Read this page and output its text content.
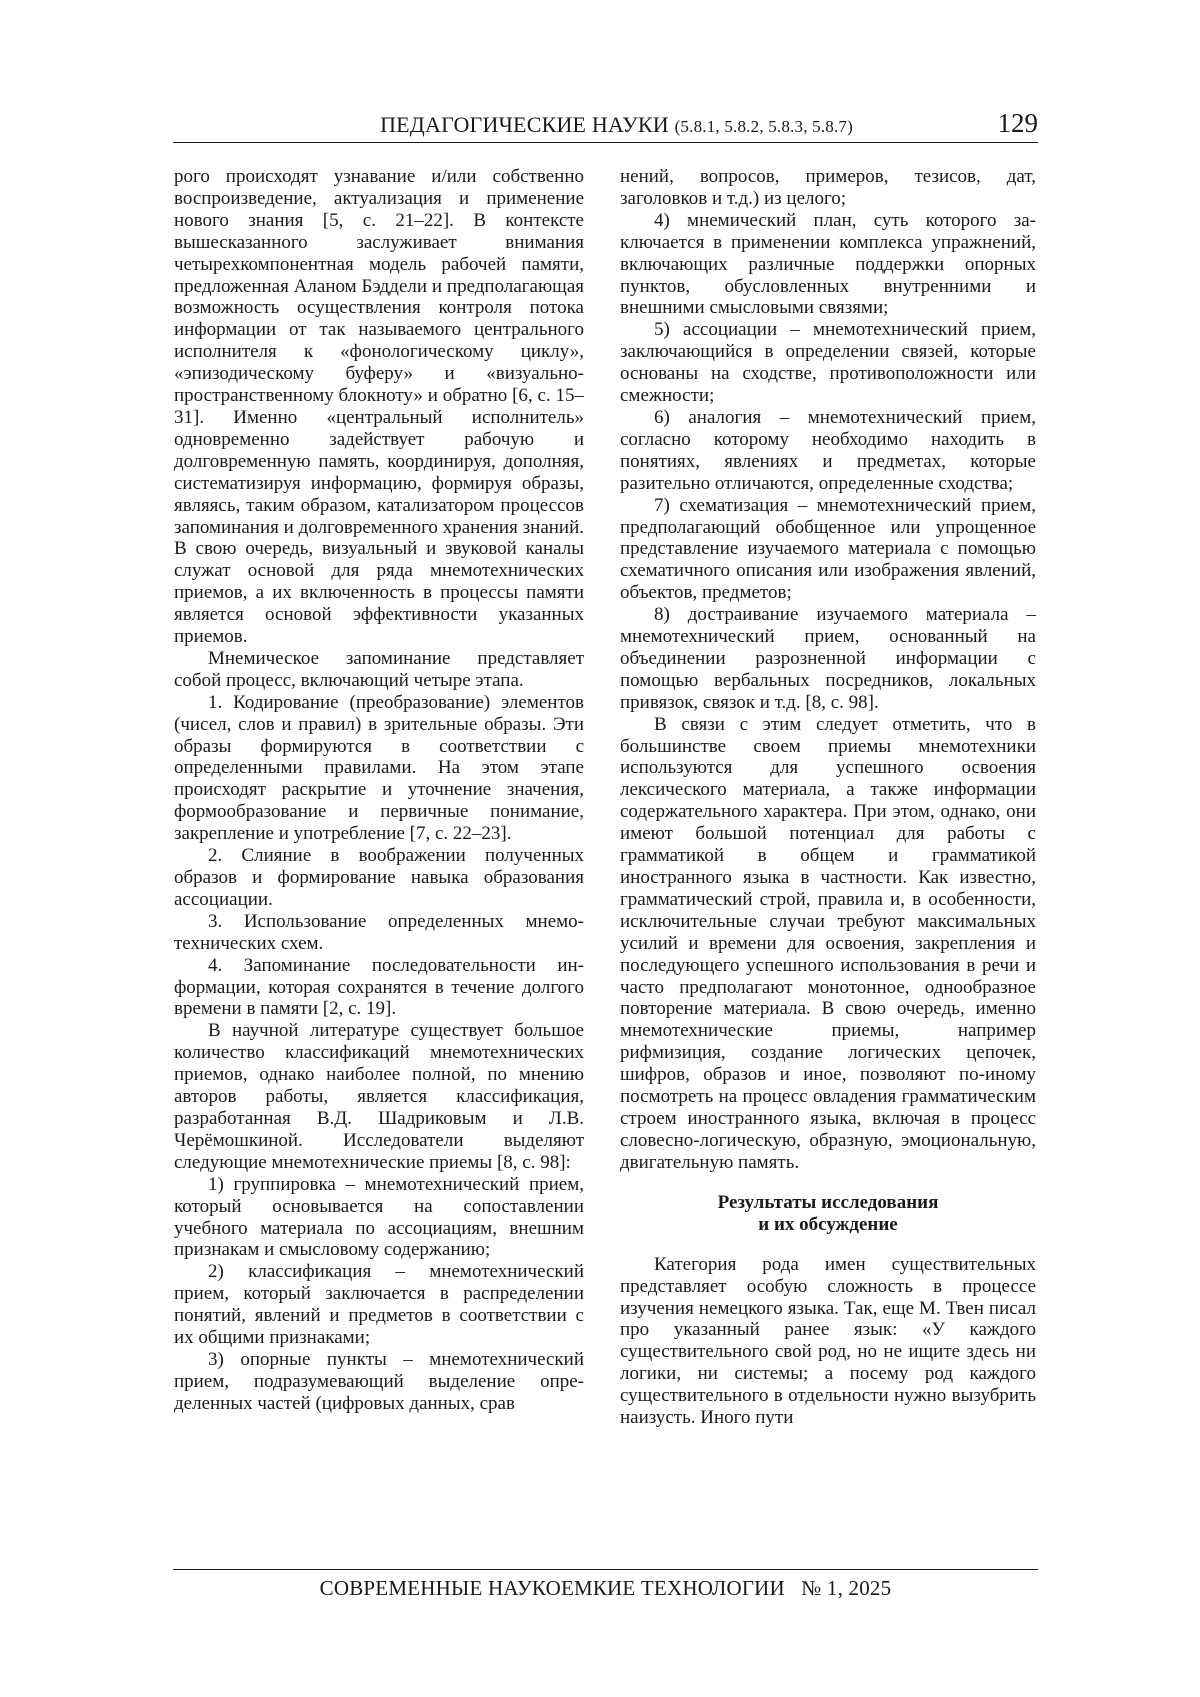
ПЕДАГОГИЧЕСКИЕ НАУКИ (5.8.1, 5.8.2, 5.8.3, 5.8.7)	129

рого происходят узнавание и/или собственно воспроизведение, актуализация и применение нового знания [5, с. 21–22]. В контексте вышесказанного заслуживает внимания четырехкомпонентная модель рабочей памяти, предложенная Аланом Бэддели и предполагающая возможность осуществления контроля потока информации от так называемого центрального исполнителя к «фонологическому циклу», «эпизодическому буферу» и «визуально-пространственному блокноту» и обратно [6, с. 15–31]. Именно «центральный исполнитель» одновременно задействует рабочую и долговременную память, координируя, дополняя, систематизируя информацию, формируя образы, являясь, таким образом, катализатором процессов запоминания и долговременного хранения знаний. В свою очередь, визуальный и звуковой каналы служат основой для ряда мнемотехнических приемов, а их включенность в процессы памяти является основой эффективности указанных приемов.

Мнемическое запоминание представляет собой процесс, включающий четыре этапа.

1. Кодирование (преобразование) элементов (чисел, слов и правил) в зрительные образы. Эти образы формируются в соответствии с определенными правилами. На этом этапе происходят раскрытие и уточнение значения, формообразование и первичные понимание, закрепление и употребление [7, с. 22–23].

2. Слияние в воображении полученных образов и формирование навыка образования ассоциации.

3. Использование определенных мнемотехнических схем.

4. Запоминание последовательности информации, которая сохранятся в течение долгого времени в памяти [2, с. 19].

В научной литературе существует большое количество классификаций мнемотехнических приемов, однако наиболее полной, по мнению авторов работы, является классификация, разработанная В.Д. Шадриковым и Л.В. Черёмошкиной. Исследователи выделяют следующие мнемотехнические приемы [8, с. 98]:

1) группировка – мнемотехнический прием, который основывается на сопоставлении учебного материала по ассоциациям, внешним признакам и смысловому содержанию;

2) классификация – мнемотехнический прием, который заключается в распределении понятий, явлений и предметов в соответствии с их общими признаками;

3) опорные пункты – мнемотехнический прием, подразумевающий выделение определенных частей (цифровых данных, срав

нений, вопросов, примеров, тезисов, дат, заголовков и т.д.) из целого;

4) мнемический план, суть которого заключается в применении комплекса упражнений, включающих различные поддержки опорных пунктов, обусловленных внутренними и внешними смысловыми связями;

5) ассоциации – мнемотехнический прием, заключающийся в определении связей, которые основаны на сходстве, противоположности или смежности;

6) аналогия – мнемотехнический прием, согласно которому необходимо находить в понятиях, явлениях и предметах, которые разительно отличаются, определенные сходства;

7) схематизация – мнемотехнический прием, предполагающий обобщенное или упрощенное представление изучаемого материала с помощью схематичного описания или изображения явлений, объектов, предметов;

8) достраивание изучаемого материала – мнемотехнический прием, основанный на объединении разрозненной информации с помощью вербальных посредников, локальных привязок, связок и т.д. [8, с. 98].

В связи с этим следует отметить, что в большинстве своем приемы мнемотехники используются для успешного освоения лексического материала, а также информации содержательного характера. При этом, однако, они имеют большой потенциал для работы с грамматикой в общем и грамматикой иностранного языка в частности. Как известно, грамматический строй, правила и, в особенности, исключительные случаи требуют максимальных усилий и времени для освоения, закрепления и последующего успешного использования в речи и часто предполагают монотонное, однообразное повторение материала. В свою очередь, именно мнемотехнические приемы, например рифмизиция, создание логических цепочек, шифров, образов и иное, позволяют по-иному посмотреть на процесс овладения грамматическим строем иностранного языка, включая в процесс словесно-логическую, образную, эмоциональную, двигательную память.

Результаты исследования
и их обсуждение

Категория рода имен существительных представляет особую сложность в процессе изучения немецкого языка. Так, еще М. Твен писал про указанный ранее язык: «У каждого существительного свой род, но не ищите здесь ни логики, ни системы; а посему род каждого существительного в отдельности нужно вызубрить наизусть. Иного пути

СОВРЕМЕННЫЕ НАУКОЕМКИЕ ТЕХНОЛОГИИ № 1, 2025
